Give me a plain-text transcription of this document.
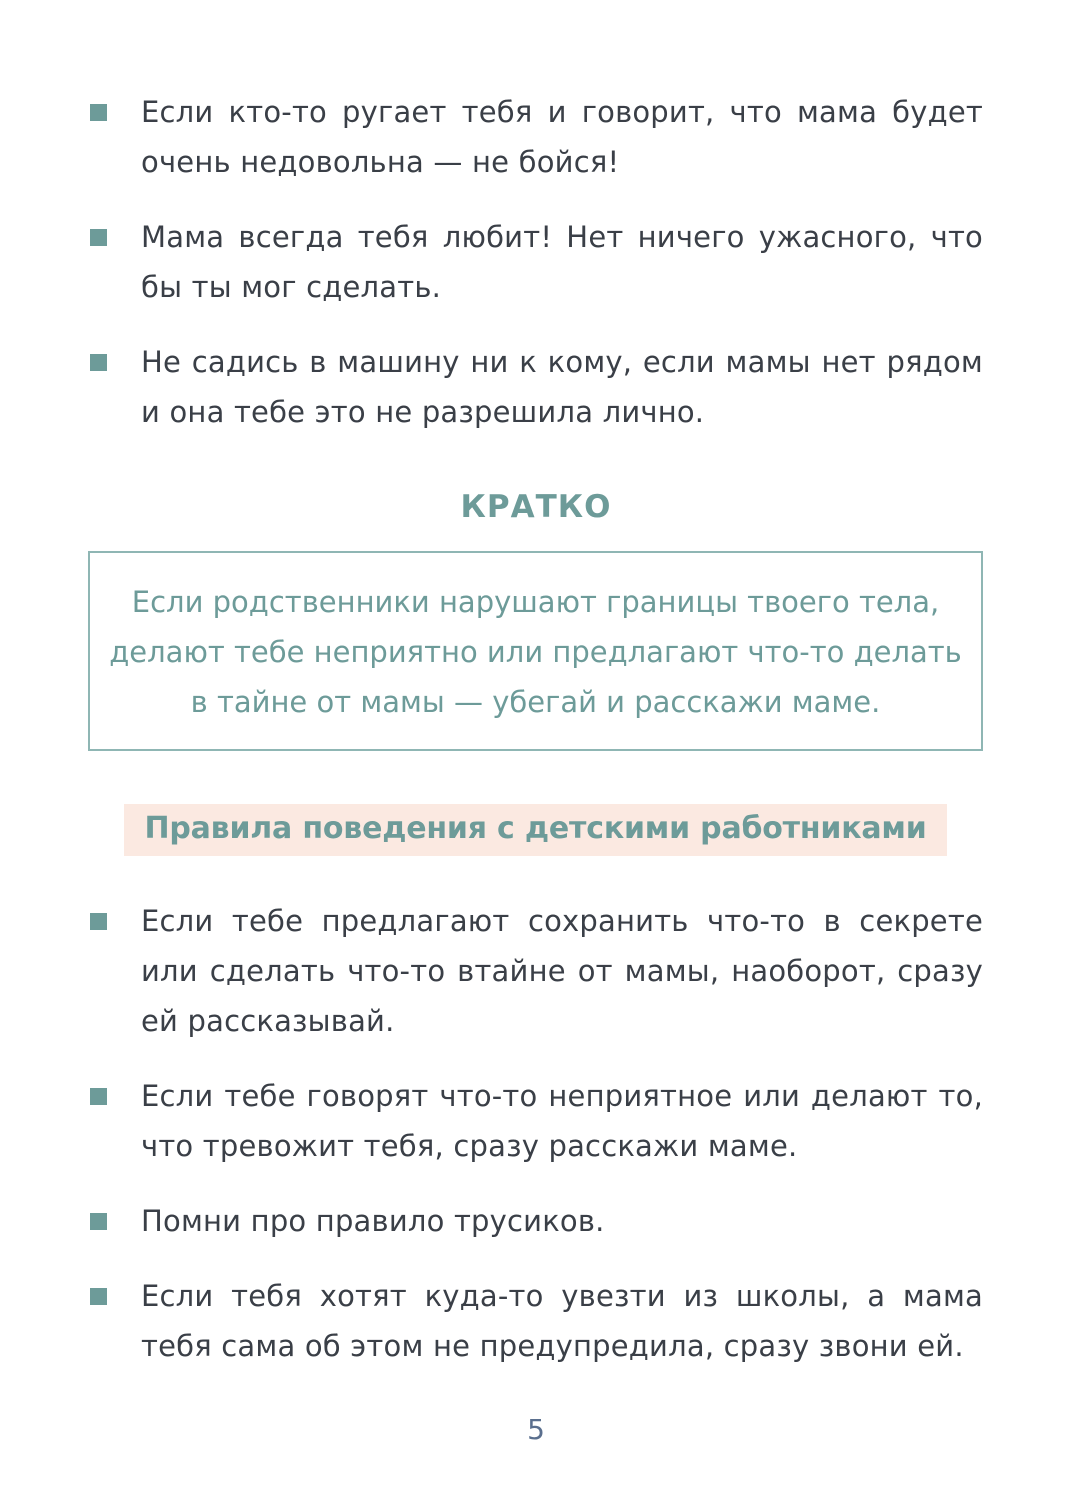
Если кто-то ругает тебя и говорит, что мама будет очень недовольна — не бойся!
Мама всегда тебя любит! Нет ничего ужасного, что бы ты мог сделать.
Не садись в машину ни к кому, если мамы нет рядом и она тебе это не разрешила лично.
КРАТКО
Если родственники нарушают границы твоего тела, делают тебе неприятно или предлагают что-то делать в тайне от мамы — убегай и расскажи маме.
Правила поведения с детскими работниками
Если тебе предлагают сохранить что-то в секрете или сделать что-то втайне от мамы, наоборот, сразу ей рассказывай.
Если тебе говорят что-то неприятное или делают то, что тревожит тебя, сразу расскажи маме.
Помни про правило трусиков.
Если тебя хотят куда-то увезти из школы, а мама тебя сама об этом не предупредила, сразу звони ей.
5
